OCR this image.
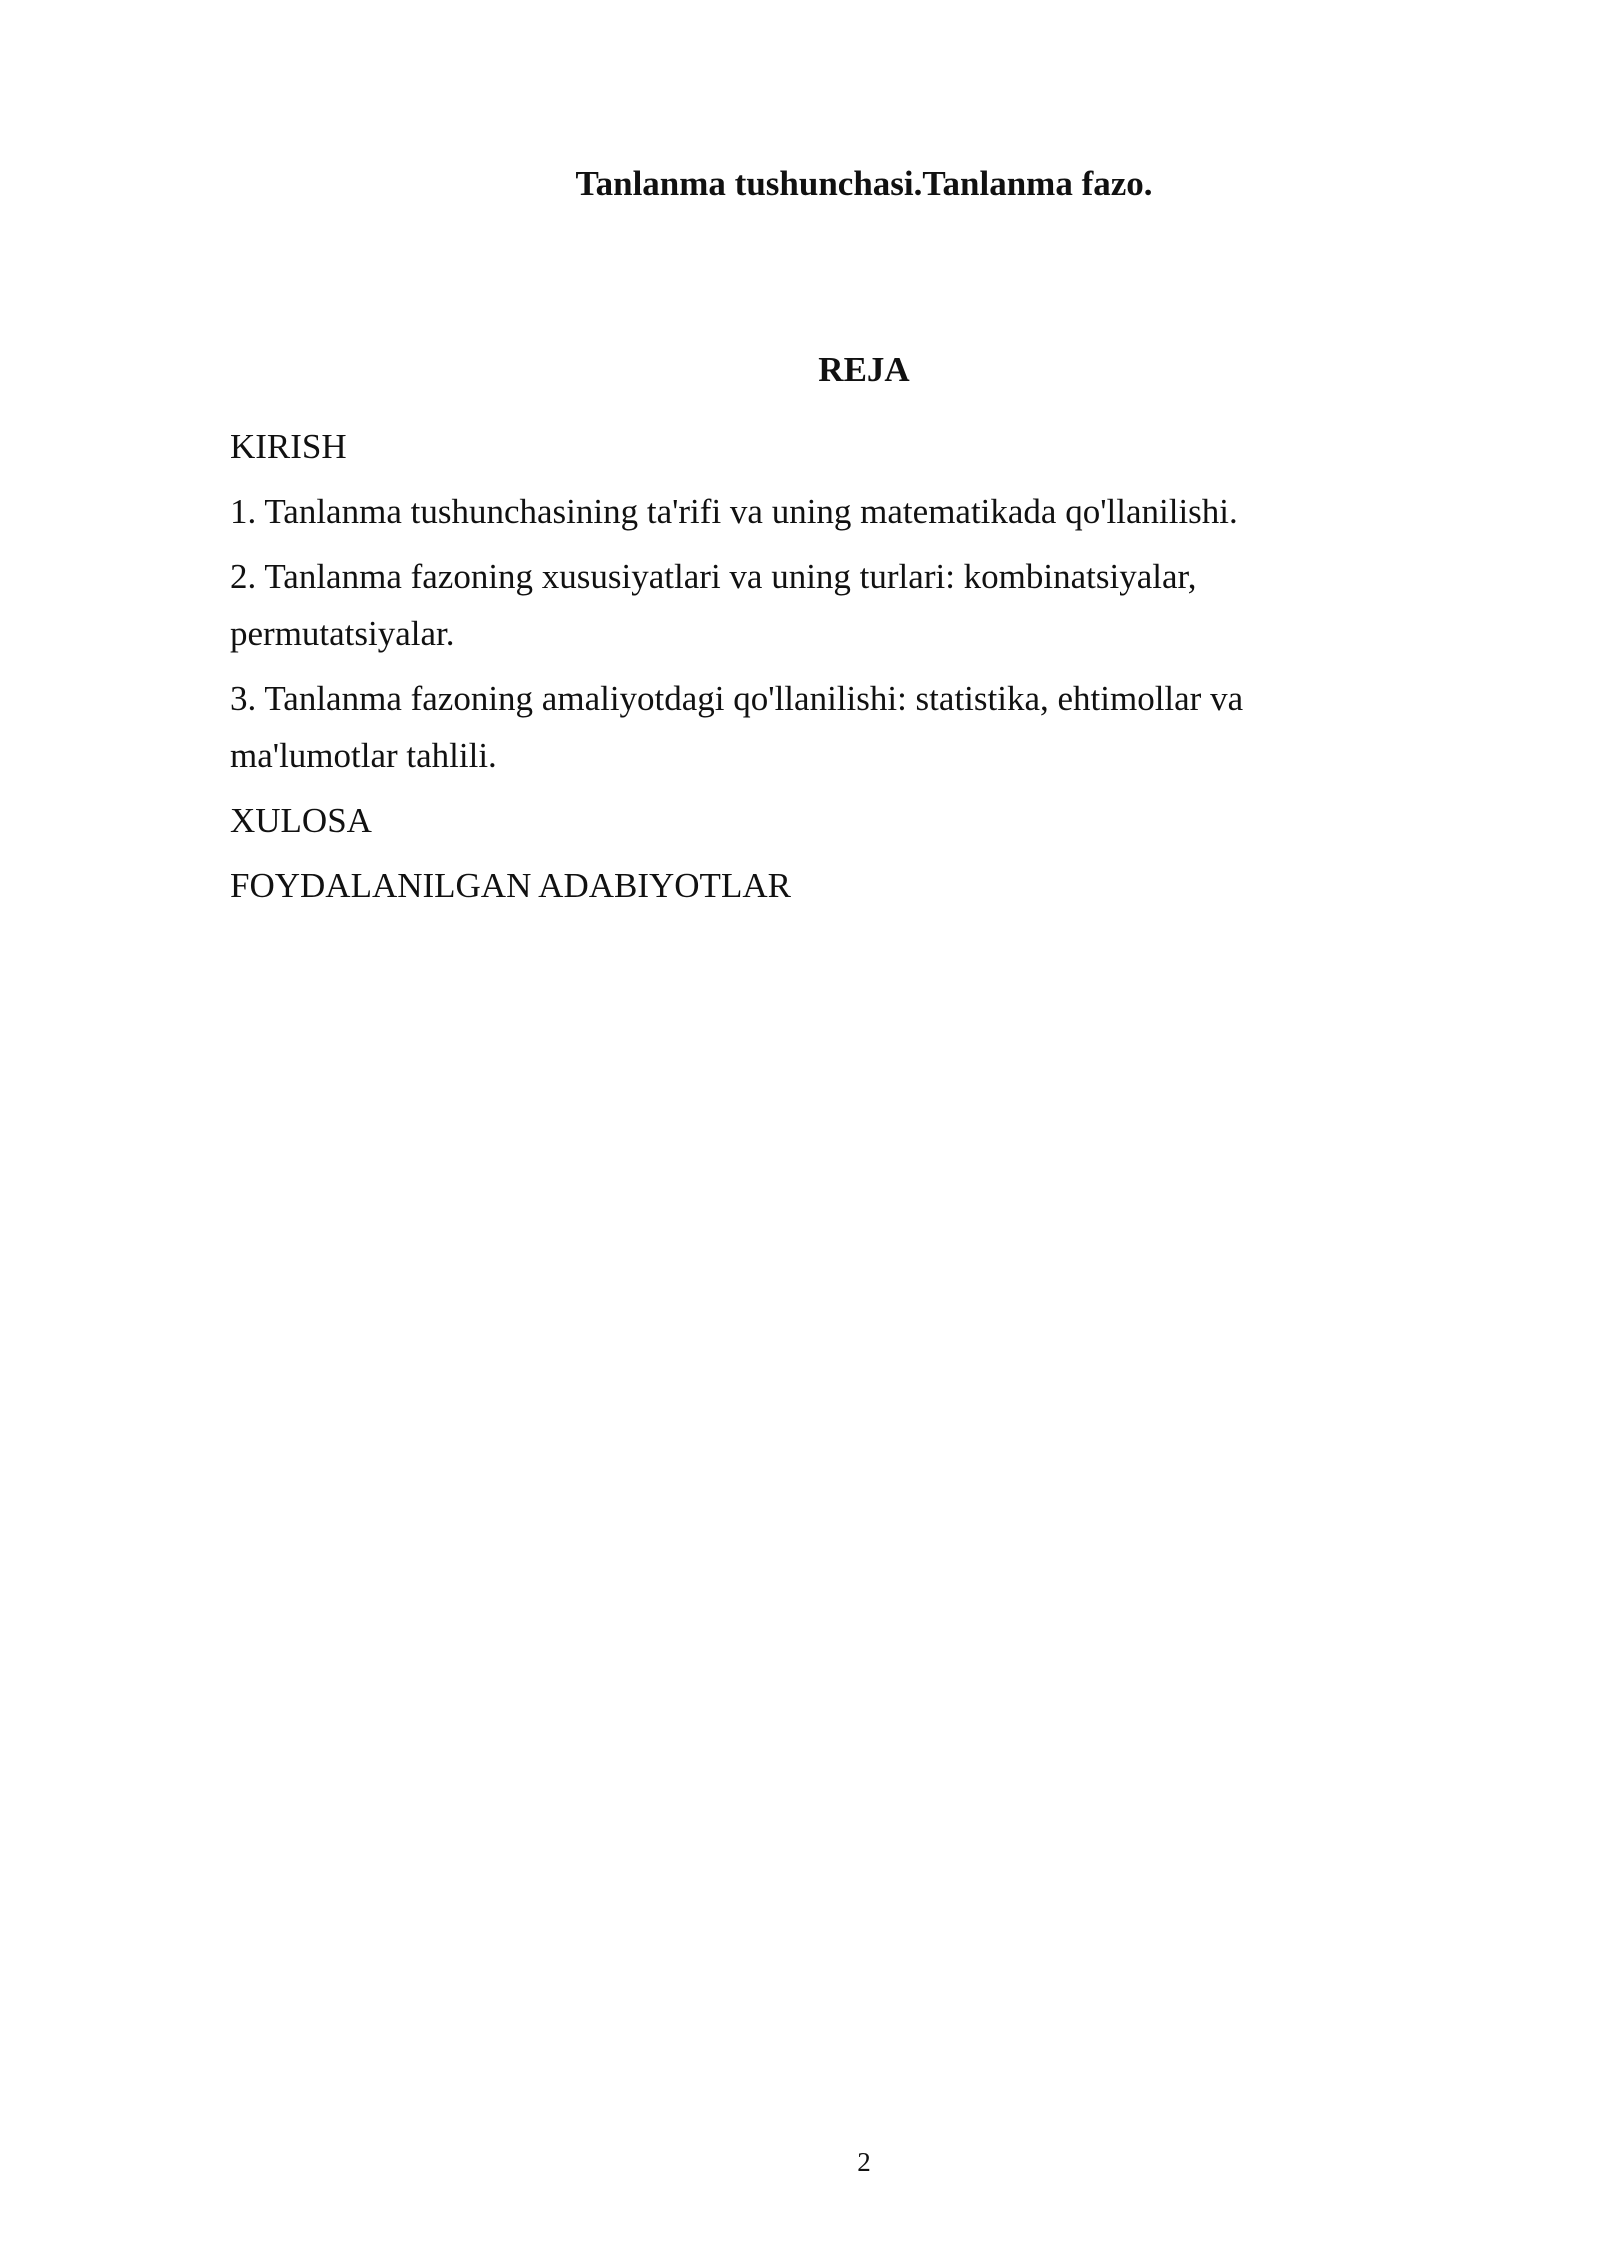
Tanlanma tushunchasi.Tanlanma fazo.
REJA
KIRISH
1. Tanlanma tushunchasining ta'rifi va uning matematikada qo'llanilishi.
2. Tanlanma fazoning xususiyatlari va uning turlari: kombinatsiyalar, permutatsiyalar.
3. Tanlanma fazoning amaliyotdagi qo'llanilishi: statistika, ehtimollar va ma'lumotlar tahlili.
XULOSA
FOYDALANILGAN ADABIYOTLAR
2
